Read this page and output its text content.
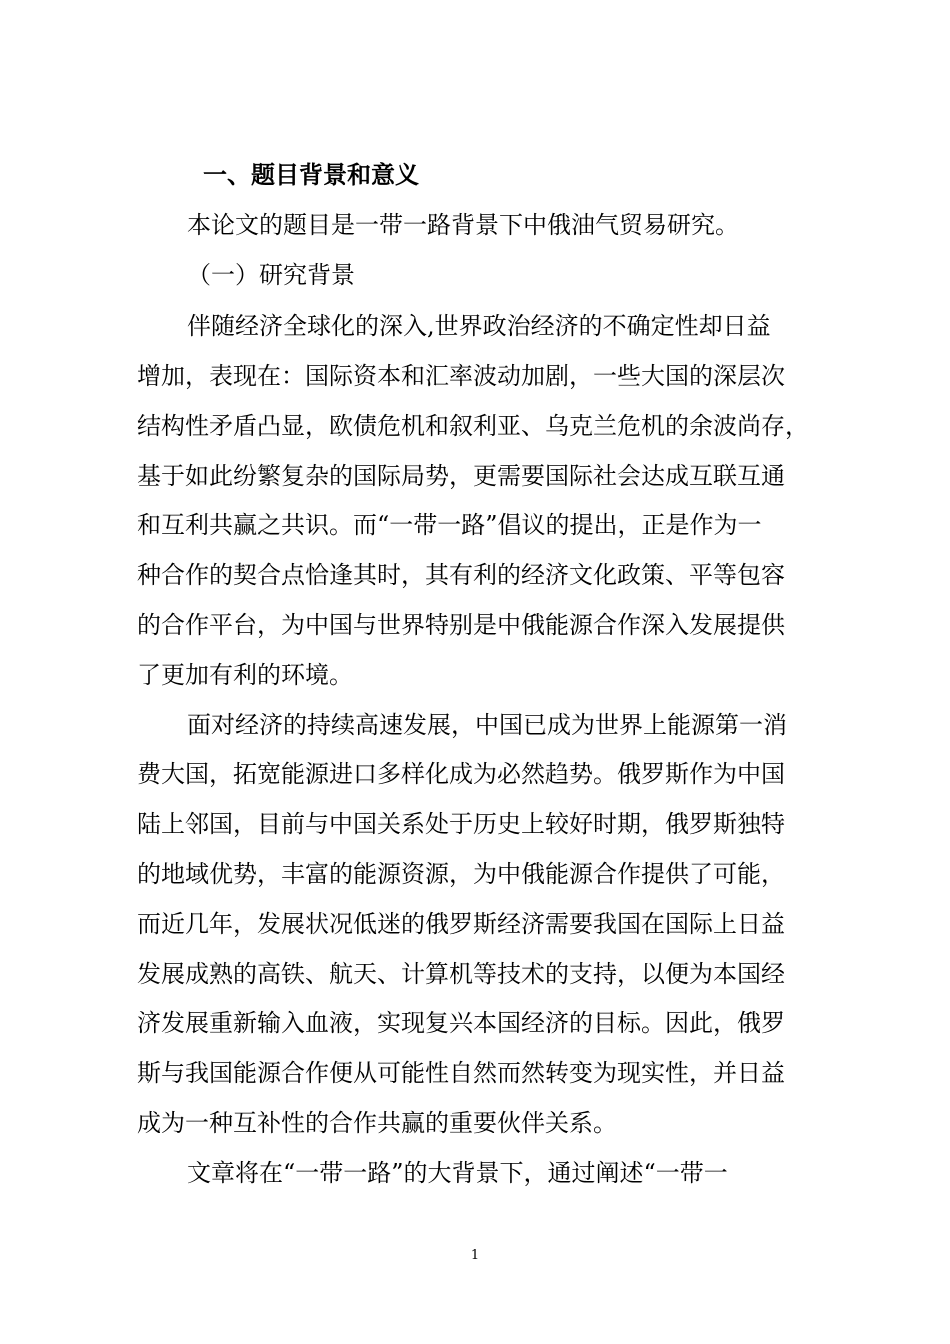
一、题目背景和意义
本论文的题目是一带一路背景下中俄油气贸易研究。
（一）研究背景
伴随经济全球化的深入,世界政治经济的不确定性却日益
增加，表现在：国际资本和汇率波动加剧，一些大国的深层次
结构性矛盾凸显，欧债危机和叙利亚、乌克兰危机的余波尚存，
基于如此纷繁复杂的国际局势，更需要国际社会达成互联互通
和互利共赢之共识。而“一带一路”倡议的提出，正是作为一
种合作的契合点恰逢其时，其有利的经济文化政策、平等包容
的合作平台，为中国与世界特别是中俄能源合作深入发展提供
了更加有利的环境。
面对经济的持续高速发展，中国已成为世界上能源第一消
费大国，拓宽能源进口多样化成为必然趋势。俄罗斯作为中国
陆上邻国，目前与中国关系处于历史上较好时期，俄罗斯独特
的地域优势，丰富的能源资源，为中俄能源合作提供了可能，
而近几年，发展状况低迷的俄罗斯经济需要我国在国际上日益
发展成熟的高铁、航天、计算机等技术的支持，以便为本国经
济发展重新输入血液，实现复兴本国经济的目标。因此，俄罗
斯与我国能源合作便从可能性自然而然转变为现实性，并日益
成为一种互补性的合作共赢的重要伙伴关系。
文章将在“一带一路”的大背景下，通过阐述“一带一
1
